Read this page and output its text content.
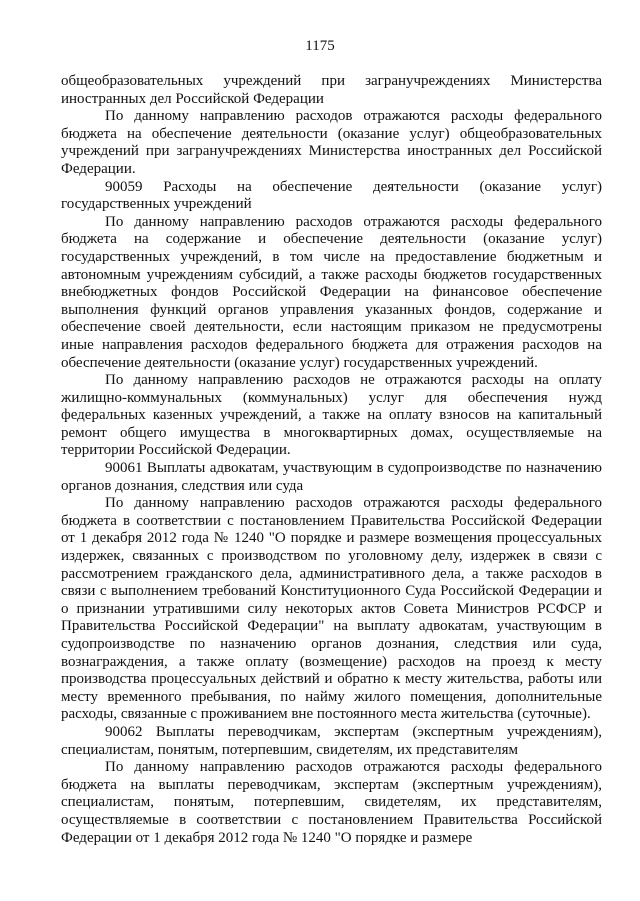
1175

общеобразовательных учреждений при загранучреждениях Министерства иностранных дел Российской Федерации

По данному направлению расходов отражаются расходы федерального бюджета на обеспечение деятельности (оказание услуг) общеобразовательных учреждений при загранучреждениях Министерства иностранных дел Российской Федерации.

90059 Расходы на обеспечение деятельности (оказание услуг) государственных учреждений

По данному направлению расходов отражаются расходы федерального бюджета на содержание и обеспечение деятельности (оказание услуг) государственных учреждений, в том числе на предоставление бюджетным и автономным учреждениям субсидий, а также расходы бюджетов государственных внебюджетных фондов Российской Федерации на финансовое обеспечение выполнения функций органов управления указанных фондов, содержание и обеспечение своей деятельности, если настоящим приказом не предусмотрены иные направления расходов федерального бюджета для отражения расходов на обеспечение деятельности (оказание услуг) государственных учреждений.

По данному направлению расходов не отражаются расходы на оплату жилищно-коммунальных (коммунальных) услуг для обеспечения нужд федеральных казенных учреждений, а также на оплату взносов на капитальный ремонт общего имущества в многоквартирных домах, осуществляемые на территории Российской Федерации.

90061 Выплаты адвокатам, участвующим в судопроизводстве по назначению органов дознания, следствия или суда

По данному направлению расходов отражаются расходы федерального бюджета в соответствии с постановлением Правительства Российской Федерации от 1 декабря 2012 года № 1240 "О порядке и размере возмещения процессуальных издержек, связанных с производством по уголовному делу, издержек в связи с рассмотрением гражданского дела, административного дела, а также расходов в связи с выполнением требований Конституционного Суда Российской Федерации и о признании утратившими силу некоторых актов Совета Министров РСФСР и Правительства Российской Федерации" на выплату адвокатам, участвующим в судопроизводстве по назначению органов дознания, следствия или суда, вознаграждения, а также оплату (возмещение) расходов на проезд к месту производства процессуальных действий и обратно к месту жительства, работы или месту временного пребывания, по найму жилого помещения, дополнительные расходы, связанные с проживанием вне постоянного места жительства (суточные).

90062 Выплаты переводчикам, экспертам (экспертным учреждениям), специалистам, понятым, потерпевшим, свидетелям, их представителям

По данному направлению расходов отражаются расходы федерального бюджета на выплаты переводчикам, экспертам (экспертным учреждениям), специалистам, понятым, потерпевшим, свидетелям, их представителям, осуществляемые в соответствии с постановлением Правительства Российской Федерации от 1 декабря 2012 года № 1240 "О порядке и размере
